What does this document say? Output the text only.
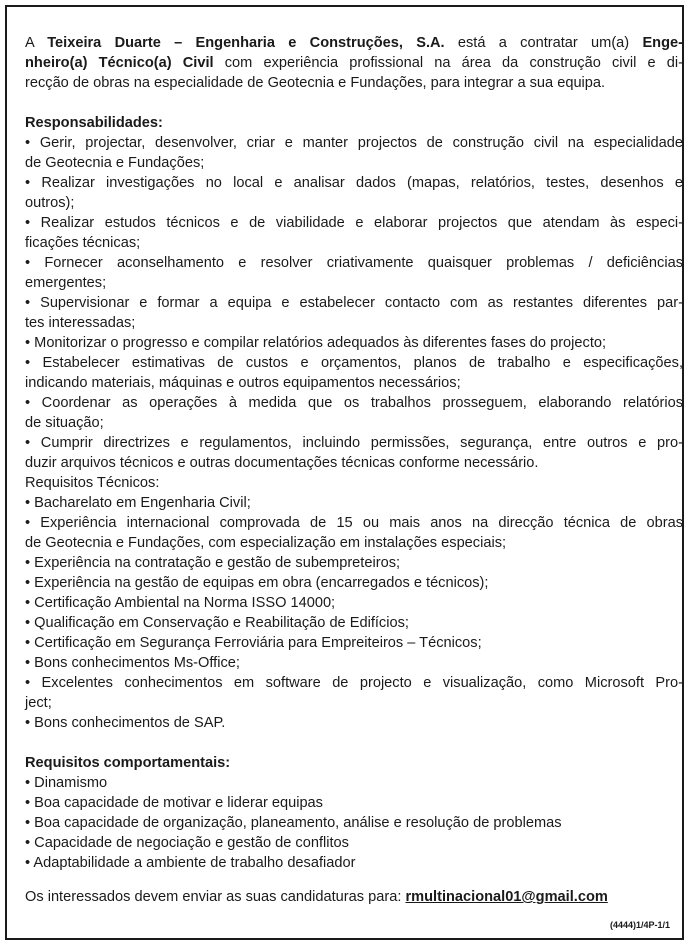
A Teixeira Duarte – Engenharia e Construções, S.A. está a contratar um(a) Enge-
nheiro(a) Técnico(a) Civil com experiência profissional na área da construção civil e di-
recção de obras na especialidade de Geotecnia e Fundações, para integrar a sua equipa.

Responsabilidades:
• Gerir, projectar, desenvolver, criar e manter projectos de construção civil na especialidade
de Geotecnia e Fundações;
• Realizar investigações no local e analisar dados (mapas, relatórios, testes, desenhos e
outros);
• Realizar estudos técnicos e de viabilidade e elaborar projectos que atendam às especi-
ficações técnicas;
• Fornecer aconselhamento e resolver criativamente quaisquer problemas / deficiências
emergentes;
• Supervisionar e formar a equipa e estabelecer contacto com as restantes diferentes par-
tes interessadas;
• Monitorizar o progresso e compilar relatórios adequados às diferentes fases do projecto;
• Estabelecer estimativas de custos e orçamentos, planos de trabalho e especificações,
indicando materiais, máquinas e outros equipamentos necessários;
• Coordenar as operações à medida que os trabalhos prosseguem, elaborando relatórios
de situação;
• Cumprir directrizes e regulamentos, incluindo permissões, segurança, entre outros e pro-
duzir arquivos técnicos e outras documentações técnicas conforme necessário.
Requisitos Técnicos:
• Bacharelato em Engenharia Civil;
• Experiência internacional comprovada de 15 ou mais anos na direcção técnica de obras
de Geotecnia e Fundações, com especialização em instalações especiais;
• Experiência na contratação e gestão de subempreteiros;
• Experiência na gestão de equipas em obra (encarregados e técnicos);
• Certificação Ambiental na Norma ISSO 14000;
• Qualificação em Conservação e Reabilitação de Edifícios;
• Certificação em Segurança Ferroviária para Empreiteiros – Técnicos;
• Bons conhecimentos Ms-Office;
• Excelentes conhecimentos em software de projecto e visualização, como Microsoft Pro-
ject;
• Bons conhecimentos de SAP.
Requisitos comportamentais:
• Dinamismo
• Boa capacidade de motivar e liderar equipas
• Boa capacidade de organização, planeamento, análise e resolução de problemas
• Capacidade de negociação e gestão de conflitos
• Adaptabilidade a ambiente de trabalho desafiador

Os interessados devem enviar as suas candidaturas para: rmultinacional01@gmail.com

(4444)1/4P-1/1
